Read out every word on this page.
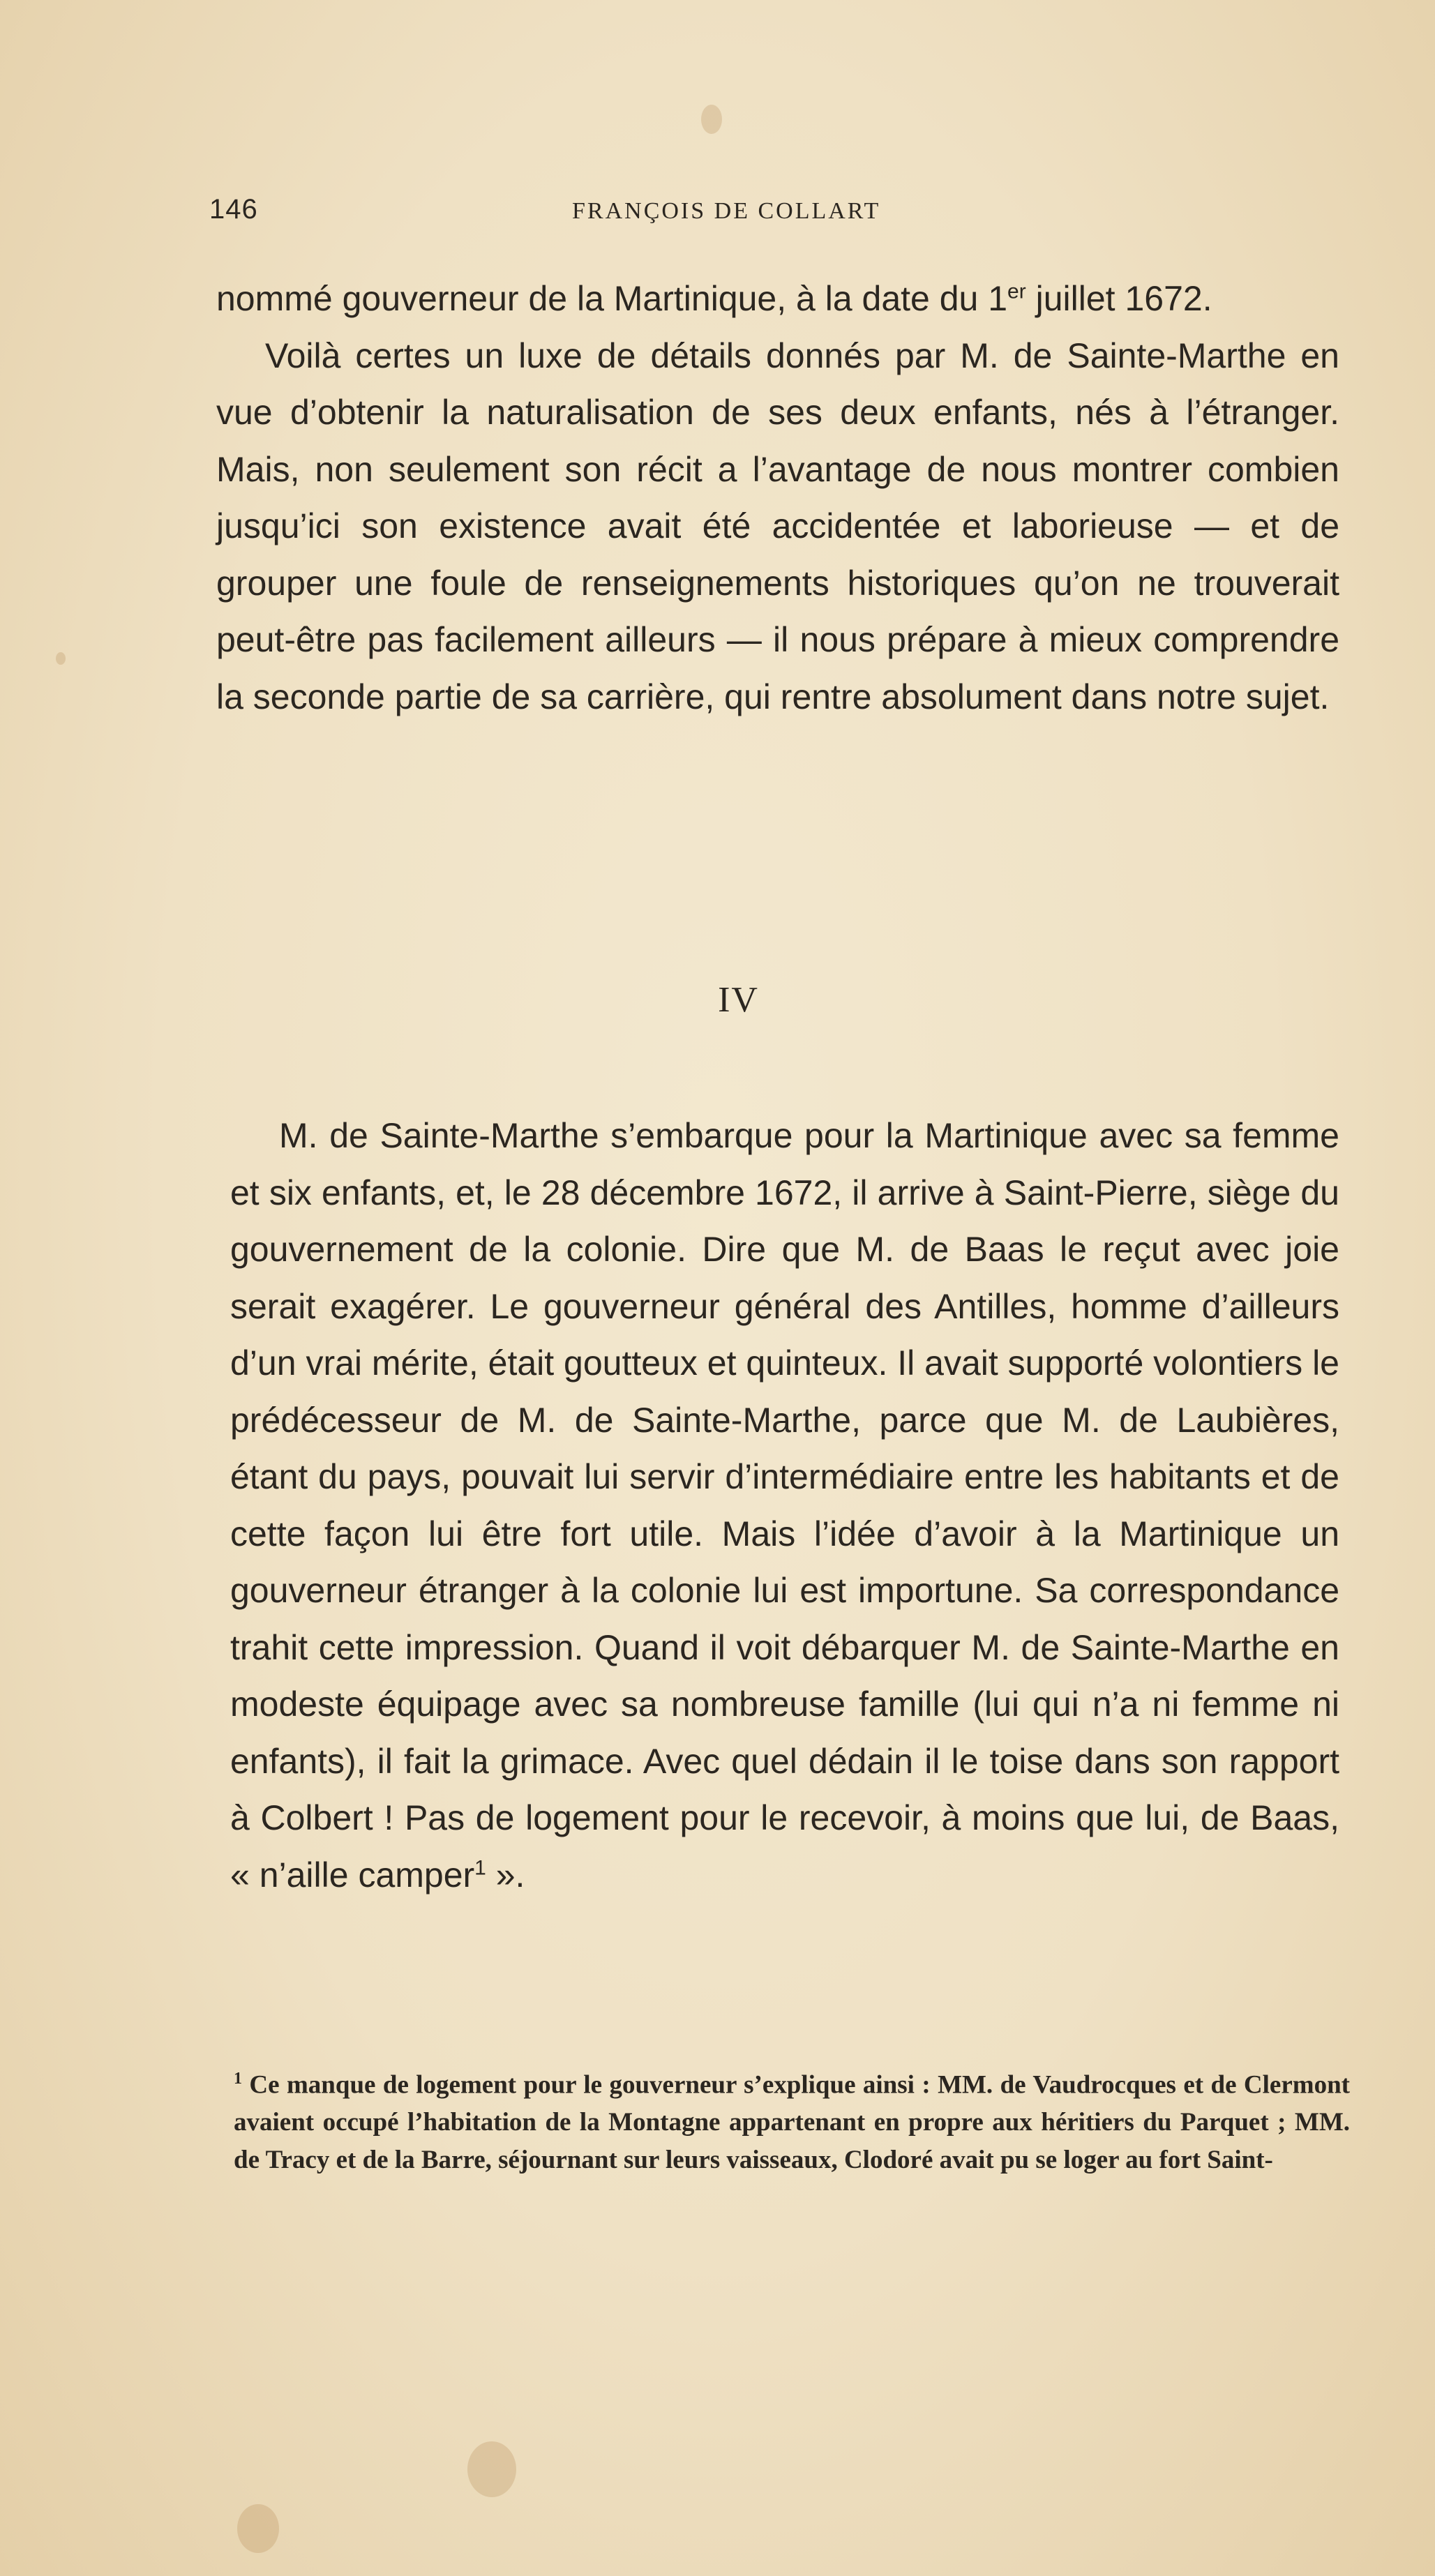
146	FRANÇOIS DE COLLART

nommé gouverneur de la Martinique, à la date du 1er juillet 1672.

Voilà certes un luxe de détails donnés par M. de Sainte-Marthe en vue d’obtenir la naturalisation de ses deux enfants, nés à l’étranger. Mais, non seulement son récit a l’avantage de nous montrer combien jusqu’ici son existence avait été accidentée et laborieuse — et de grouper une foule de renseignements historiques qu’on ne trouverait peut-être pas facilement ailleurs — il nous prépare à mieux comprendre la seconde partie de sa carrière, qui rentre absolument dans notre sujet.

IV

M. de Sainte-Marthe s’embarque pour la Martinique avec sa femme et six enfants, et, le 28 décembre 1672, il arrive à Saint-Pierre, siège du gouvernement de la colonie. Dire que M. de Baas le reçut avec joie serait exagérer. Le gouverneur général des Antilles, homme d’ailleurs d’un vrai mérite, était goutteux et quinteux. Il avait supporté volontiers le prédécesseur de M. de Sainte-Marthe, parce que M. de Laubières, étant du pays, pouvait lui servir d’intermédiaire entre les habitants et de cette façon lui être fort utile. Mais l’idée d’avoir à la Martinique un gouverneur étranger à la colonie lui est importune. Sa correspondance trahit cette impression. Quand il voit débarquer M. de Sainte-Marthe en modeste équipage avec sa nombreuse famille (lui qui n’a ni femme ni enfants), il fait la grimace. Avec quel dédain il le toise dans son rapport à Colbert ! Pas de logement pour le recevoir, à moins que lui, de Baas, « n’aille camper$^1$ ».

$^1$ Ce manque de logement pour le gouverneur s’explique ainsi : MM. de Vaudrocques et de Clermont avaient occupé l’habitation de la Montagne appartenant en propre aux héritiers du Parquet ; MM. de Tracy et de la Barre, séjournant sur leurs vaisseaux, Clodoré avait pu se loger au fort Saint-
